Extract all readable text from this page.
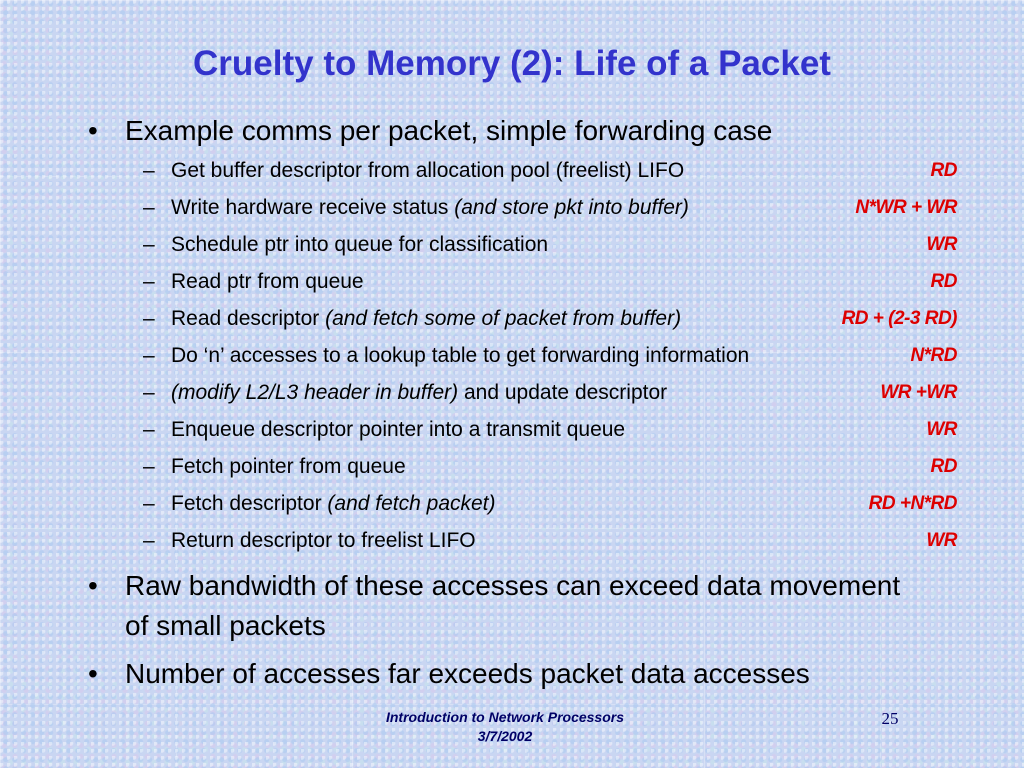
Cruelty to Memory (2): Life of a Packet
• Example comms per packet, simple forwarding case
– Get buffer descriptor from allocation pool (freelist) LIFO	RD
– Write hardware receive status (and store pkt into buffer)	N*WR + WR
– Schedule ptr into queue for classification	WR
– Read ptr from queue	RD
– Read descriptor (and fetch some of packet from buffer)	RD + (2-3 RD)
– Do ‘n’ accesses to a lookup table to get forwarding information	N*RD
– (modify L2/L3 header in buffer) and update descriptor	WR +WR
– Enqueue descriptor pointer into a transmit queue	WR
– Fetch pointer from queue	RD
– Fetch descriptor (and fetch packet)	RD +N*RD
– Return descriptor to freelist LIFO	WR
• Raw bandwidth of these accesses can exceed data movement of small packets
• Number of accesses far exceeds packet data accesses
Introduction to Network Processors
3/7/2002
25
